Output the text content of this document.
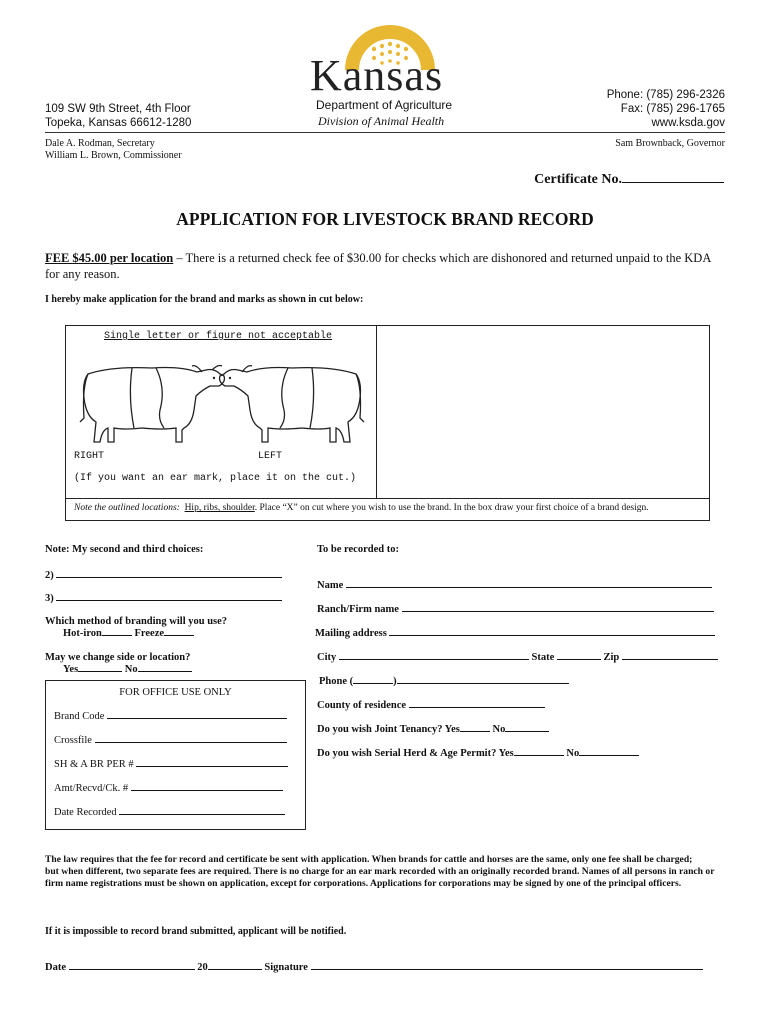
Kansas
Department of Agriculture
Division of Animal Health
109 SW 9th Street, 4th Floor
Topeka, Kansas 66612-1280
Phone: (785) 296-2326
Fax: (785) 296-1765
www.ksda.gov
Dale A. Rodman, Secretary
William L. Brown, Commissioner
Sam Brownback, Governor
Certificate No.
APPLICATION FOR LIVESTOCK BRAND RECORD
FEE $45.00 per location – There is a returned check fee of $30.00 for checks which are dishonored and returned unpaid to the KDA for any reason.
I hereby make application for the brand and marks as shown in cut below:
Single letter or figure not acceptable
RIGHT	LEFT
(If you want an ear mark, place it on the cut.)
Note the outlined locations: Hip, ribs, shoulder. Place “X” on cut where you wish to use the brand. In the box draw your first choice of a brand design.
Note: My second and third choices:
2)
3)
Which method of branding will you use?
Hot-iron	Freeze
May we change side or location?
Yes	No
FOR OFFICE USE ONLY
Brand Code
Crossfile
SH & A BR PER #
Amt/Recvd/Ck. #
Date Recorded
To be recorded to:
Name
Ranch/Firm name
Mailing address
City	State	Zip
Phone (	)
County of residence
Do you wish Joint Tenancy? Yes	No
Do you wish Serial Herd & Age Permit? Yes	No
The law requires that the fee for record and certificate be sent with application. When brands for cattle and horses are the same, only one fee shall be charged;
but when different, two separate fees are required. There is no charge for an ear mark recorded with an originally recorded brand. Names of all persons in ranch or firm name registrations must be shown on application, except for corporations. Applications for corporations may be signed by one of the principal officers.
If it is impossible to record brand submitted, applicant will be notified.
Date	20	Signature
